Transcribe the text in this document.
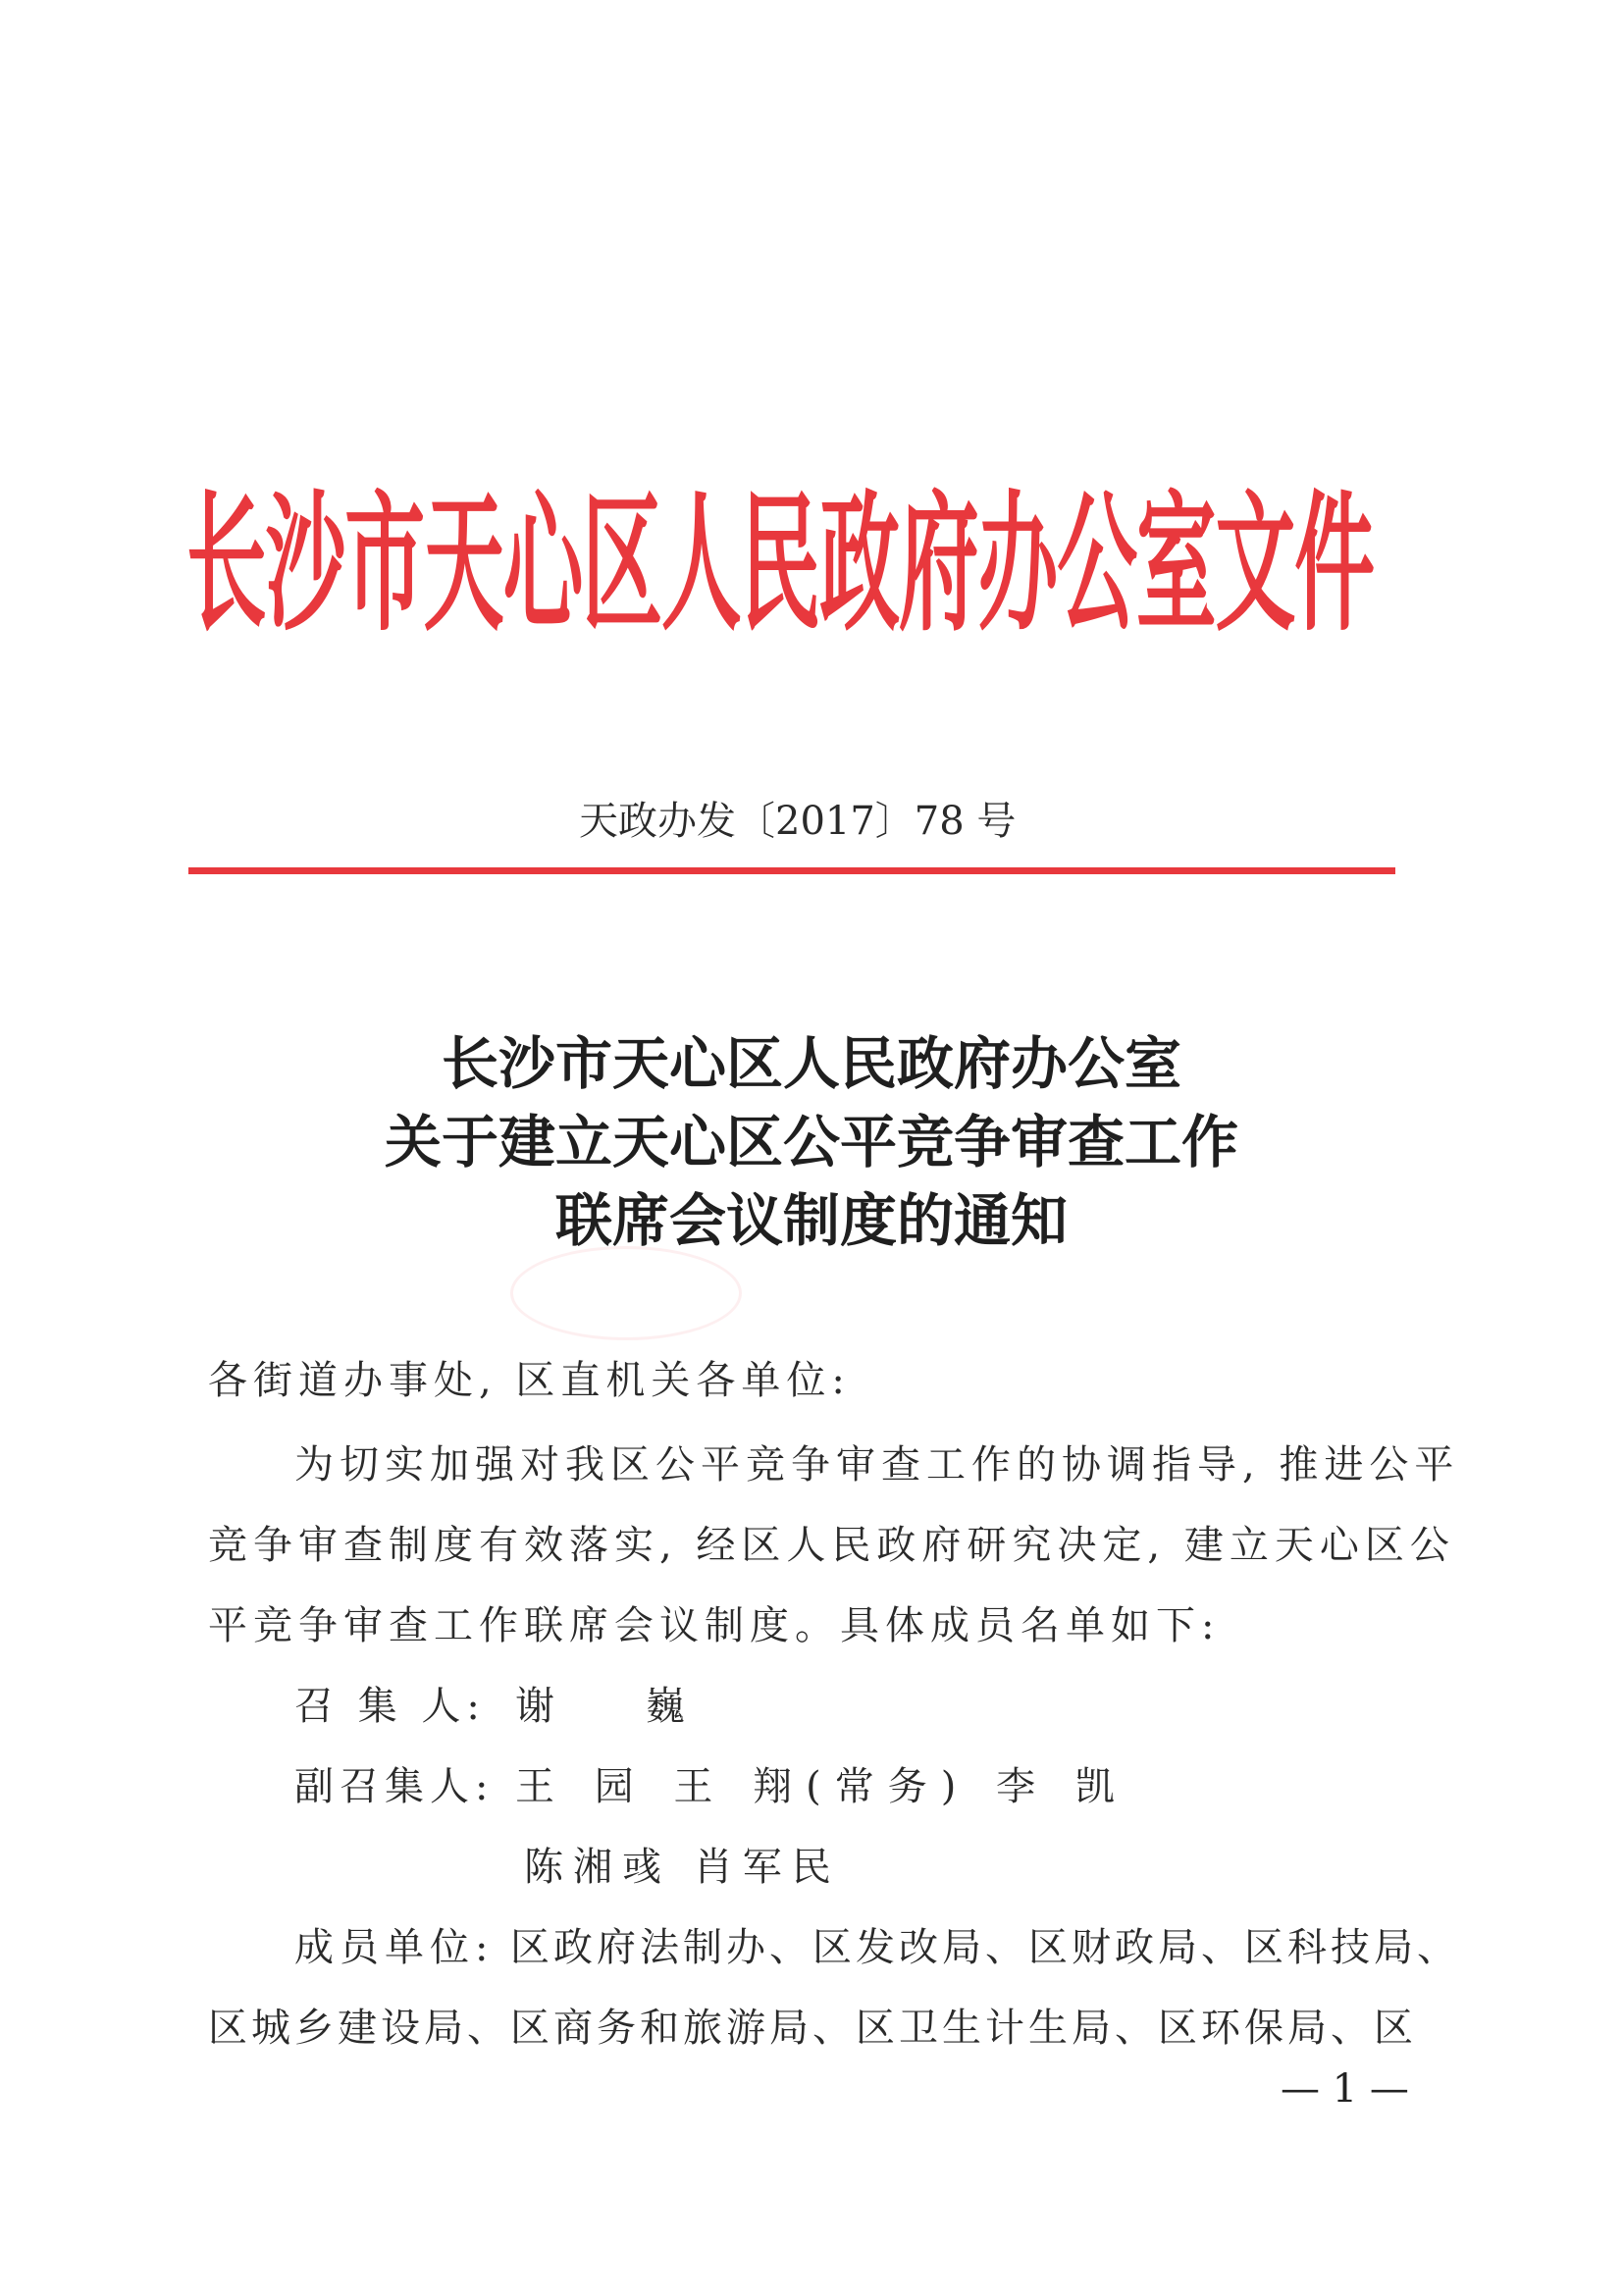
长沙市天心区人民政府办公室文件
天政办发〔2017〕78 号
长沙市天心区人民政府办公室
关于建立天心区公平竞争审查工作
联席会议制度的通知
各街道办事处, 区直机关各单位:
为切实加强对我区公平竞争审查工作的协调指导, 推进公平
竞争审查制度有效落实, 经区人民政府研究决定, 建立天心区公
平竞争审查工作联席会议制度。具体成员名单如下:
召 集 人: 谢 巍
副召集人: 王 园 王 翔(常务) 李 凯
陈湘彧 肖军民
成员单位: 区政府法制办、区发改局、区财政局、区科技局、
区城乡建设局、区商务和旅游局、区卫生计生局、区环保局、区
— 1 —
